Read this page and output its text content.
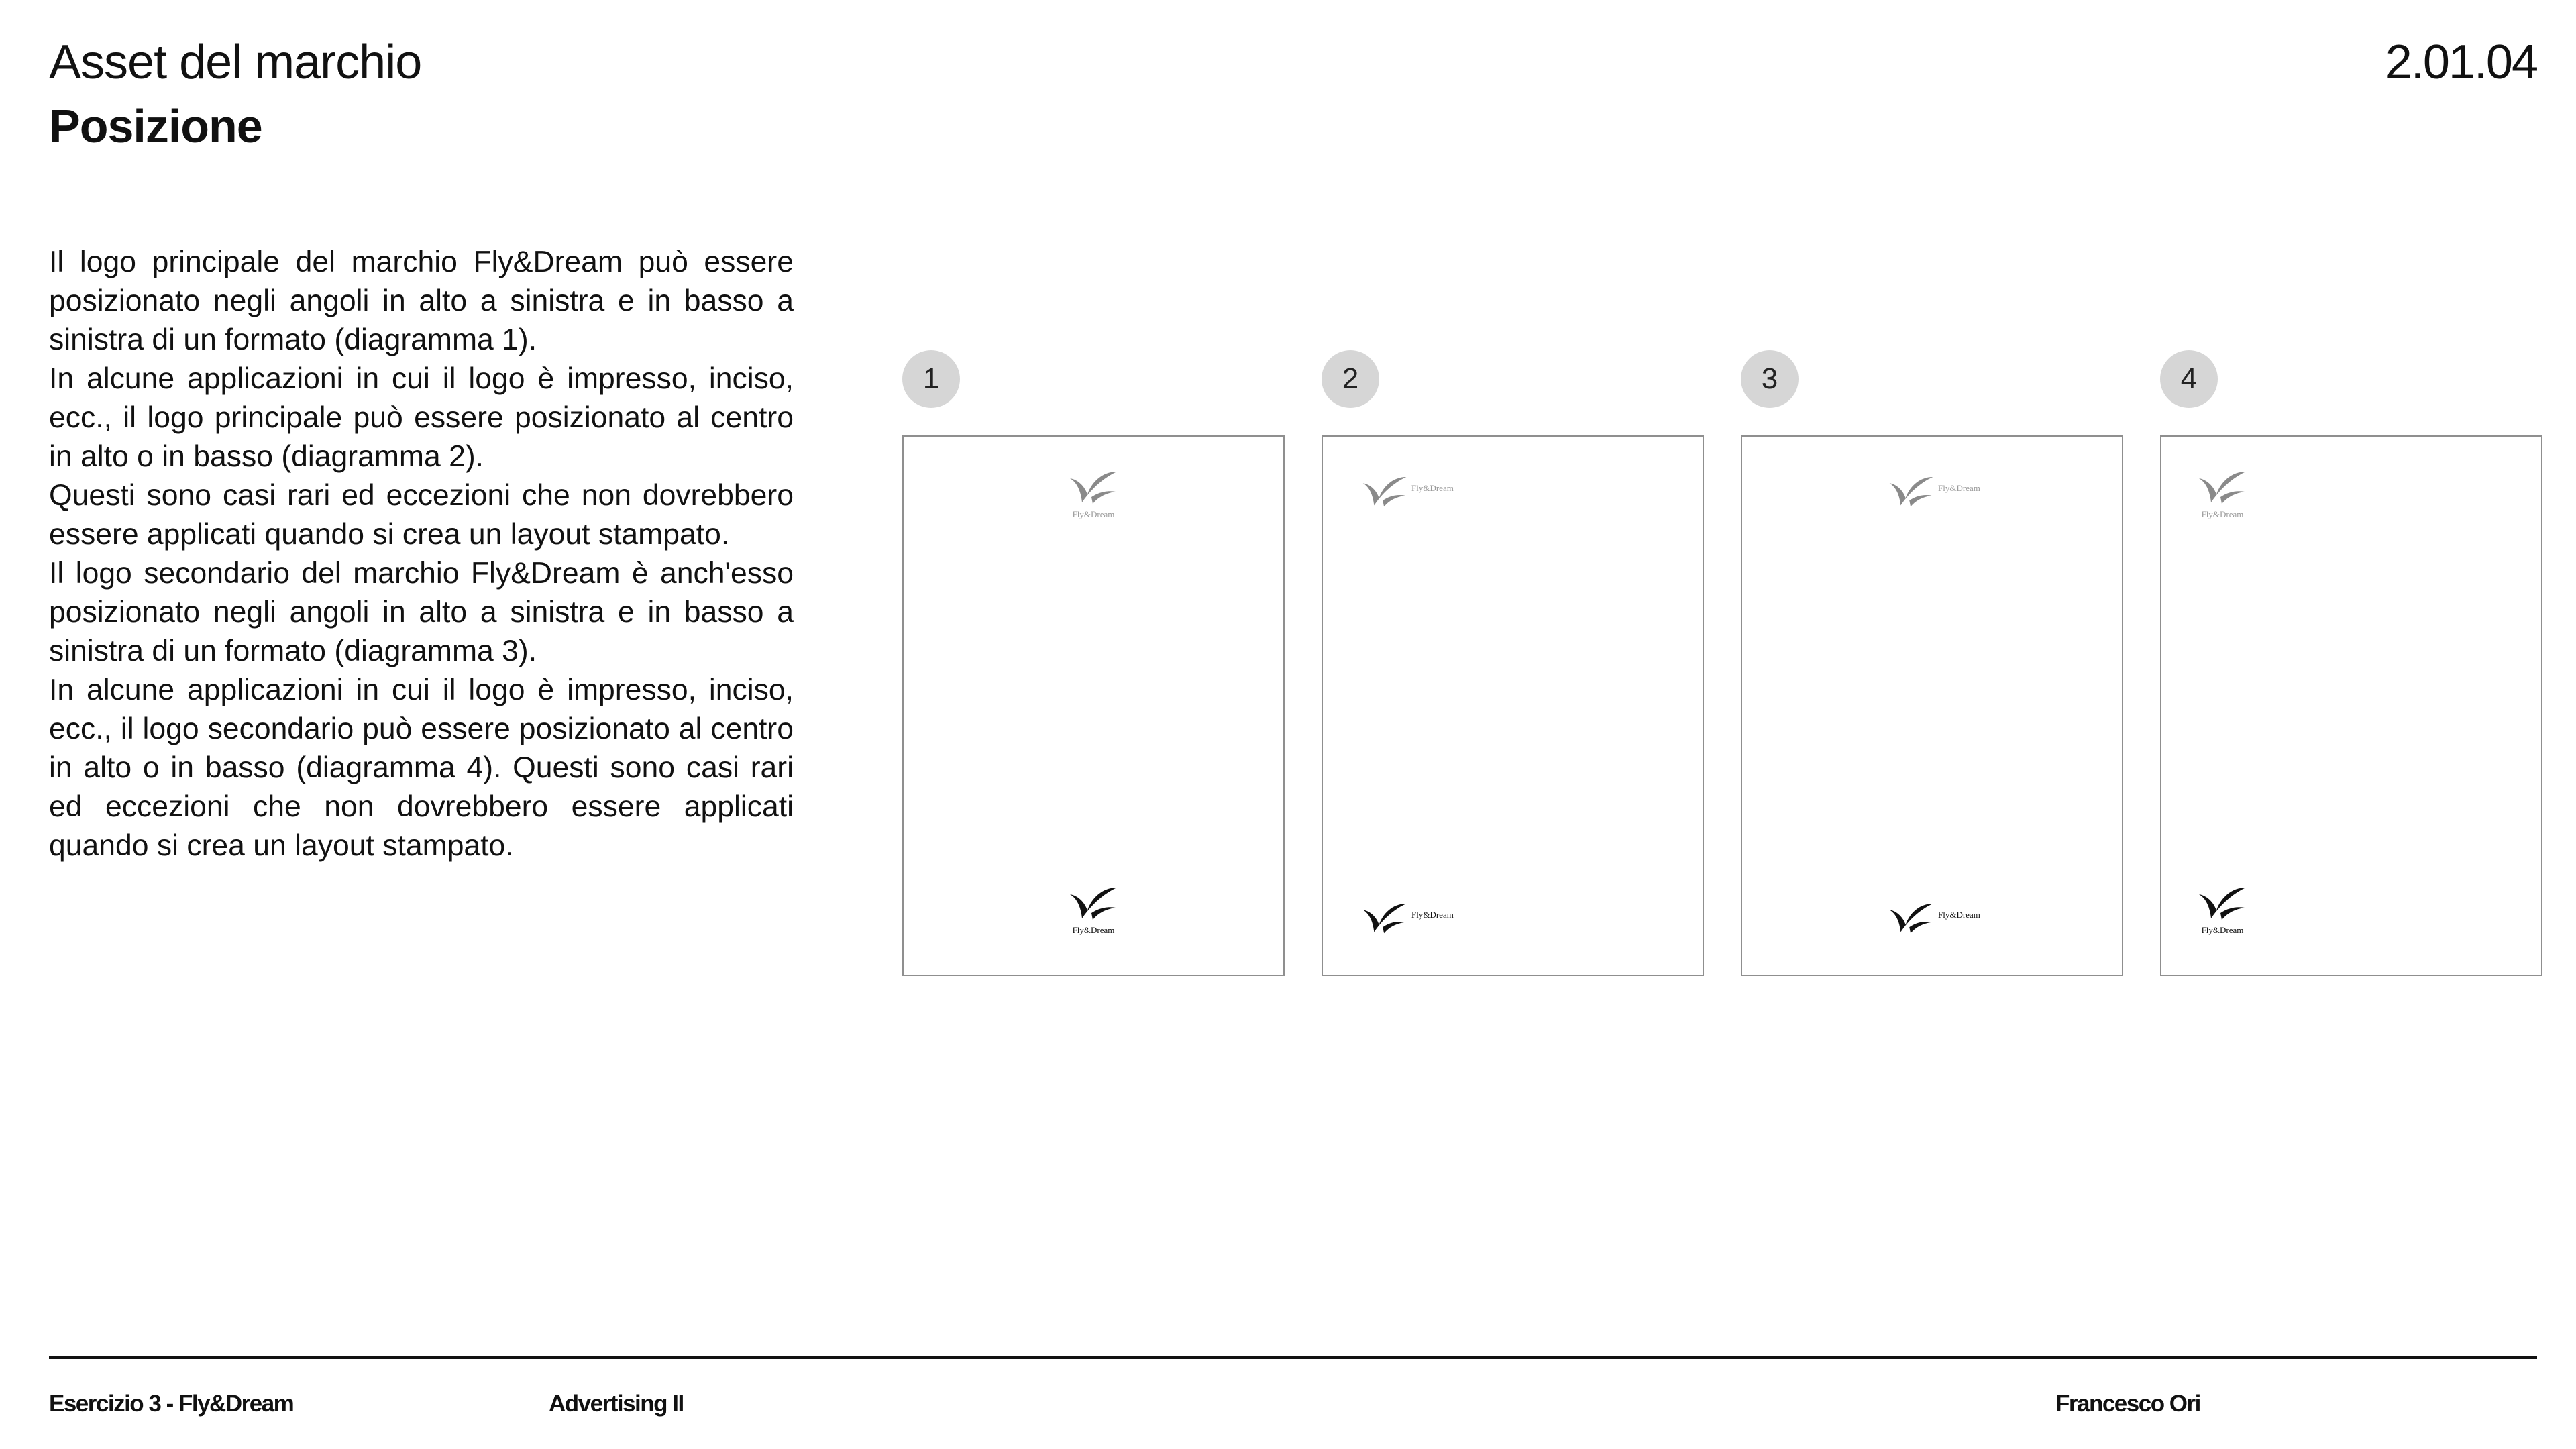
Asset del marchio
Posizione
2.01.04

Il logo principale del marchio Fly&Dream può essere posizionato negli angoli in alto a sinistra e in basso a sinistra di un formato (diagramma 1).

In alcune applicazioni in cui il logo è impresso, inciso, ecc., il logo principale può essere posizionato al centro in alto o in basso (diagramma 2).

Questi sono casi rari ed eccezioni che non dovrebbero essere applicati quando si crea un layout stampato.

Il logo secondario del marchio Fly&Dream è anch'esso posizionato negli angoli in alto a sinistra e in basso a sinistra di un formato (diagramma 3).

In alcune applicazioni in cui il logo è impresso, inciso, ecc., il logo secondario può essere posizionato al centro in alto o in basso (diagramma 4). Questi sono casi rari ed eccezioni che non dovrebbero essere applicati quando si crea un layout stampato.

1
Fly&Dream
Fly&Dream
2
Fly&Dream
Fly&Dream
3
Fly&Dream
Fly&Dream
4
Fly&Dream
Fly&Dream
Esercizio 3 - Fly&Dream	Advertising II	Francesco Ori
